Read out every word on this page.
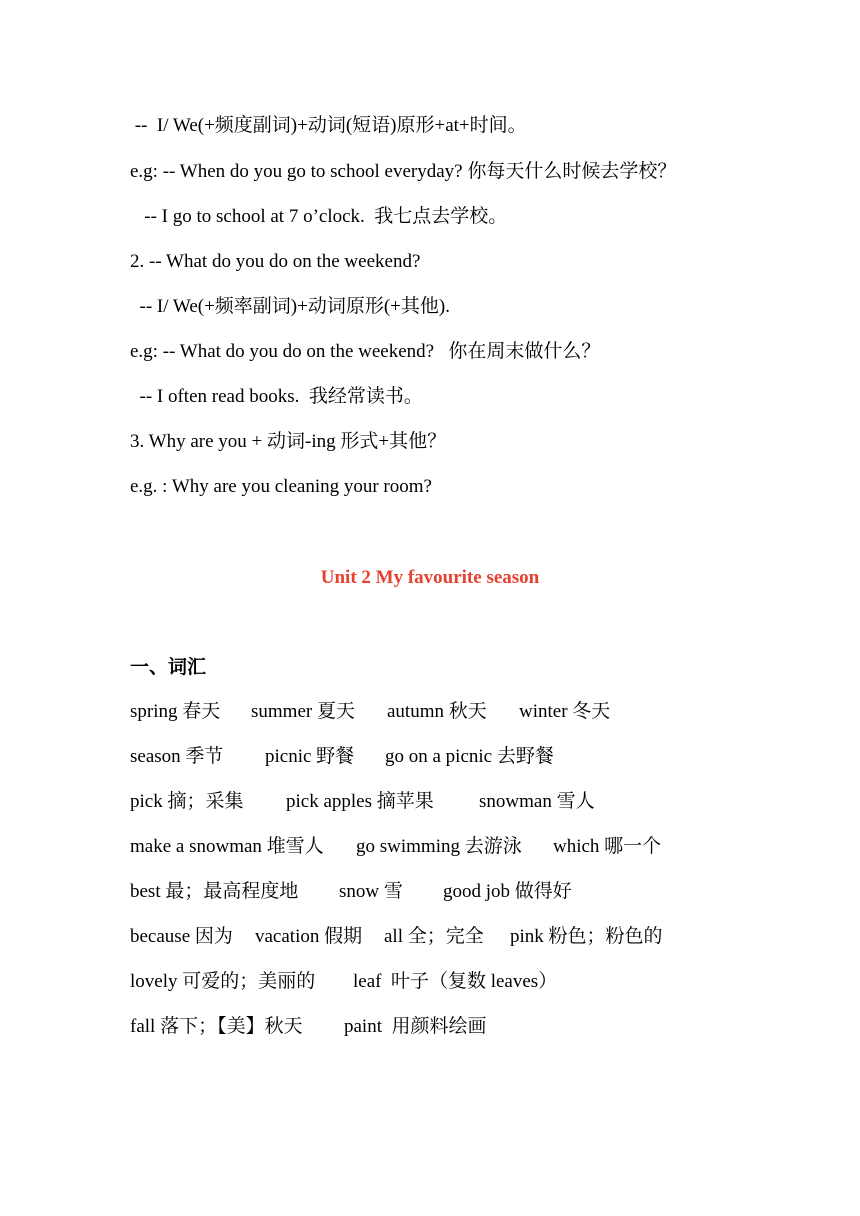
--  I/ We(+频度副词)+动词(短语)原形+at+时间。
e.g: -- When do you go to school everyday? 你每天什么时候去学校？
-- I go to school at 7 o’clock.  我七点去学校。
2. -- What do you do on the weekend?
-- I/ We(+频率副词)+动词原形(+其他).
e.g: -- What do you do on the weekend?   你在周末做什么？
-- I often read books.  我经常读书。
3. Why are you + 动词-ing 形式+其他？
e.g. : Why are you cleaning your room?
Unit 2 My favourite season
一、词汇
spring 春天 summer 夏天 autumn 秋天 winter 冬天
season 季节 picnic 野餐 go on a picnic 去野餐
pick 摘；采集 pick apples 摘苹果 snowman 雪人
make a snowman 堆雪人 go swimming 去游泳 which 哪一个
best 最；最高程度地 snow 雪 good job 做得好
because 因为 vacation 假期 all 全；完全 pink 粉色；粉色的
lovely 可爱的；美丽的 leaf  叶子（复数 leaves）
fall 落下；【美】秋天 paint  用颜料绘画
